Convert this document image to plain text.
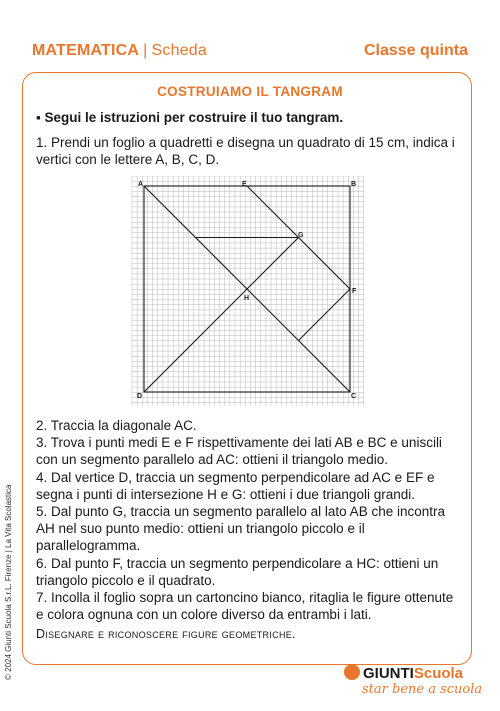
MATEMATICA | Scheda	Classe quinta
COSTRUIAMO IL TANGRAM
▪ Segui le istruzioni per costruire il tuo tangram.
1. Prendi un foglio a quadretti e disegna un quadrato di 15 cm, indica i vertici con le lettere A, B, C, D.
A	B
C
D
E
F
G
H

2. Traccia la diagonale AC.

3. Trova i punti medi E e F rispettivamente dei lati AB e BC e uniscili con un segmento parallelo ad AC: ottieni il triangolo medio.

4. Dal vertice D, traccia un segmento perpendicolare ad AC e EF e segna i punti di intersezione H e G: ottieni i due triangoli grandi.

5. Dal punto G, traccia un segmento parallelo al lato AB che incontra AH nel suo punto medio: ottieni un triangolo piccolo e il parallelogramma.

6. Dal punto F, traccia un segmento perpendicolare a HC: ottieni un triangolo piccolo e il quadrato.

7. Incolla il foglio sopra un cartoncino bianco, ritaglia le figure ottenute e colora ognuna con un colore diverso da entrambi i lati.

Disegnare e riconoscere figure geometriche.
© 2024 Giunti Scuola S.r.L. Firenze | La Vita Scolastica	GIUNTIScuola
star bene a scuola
